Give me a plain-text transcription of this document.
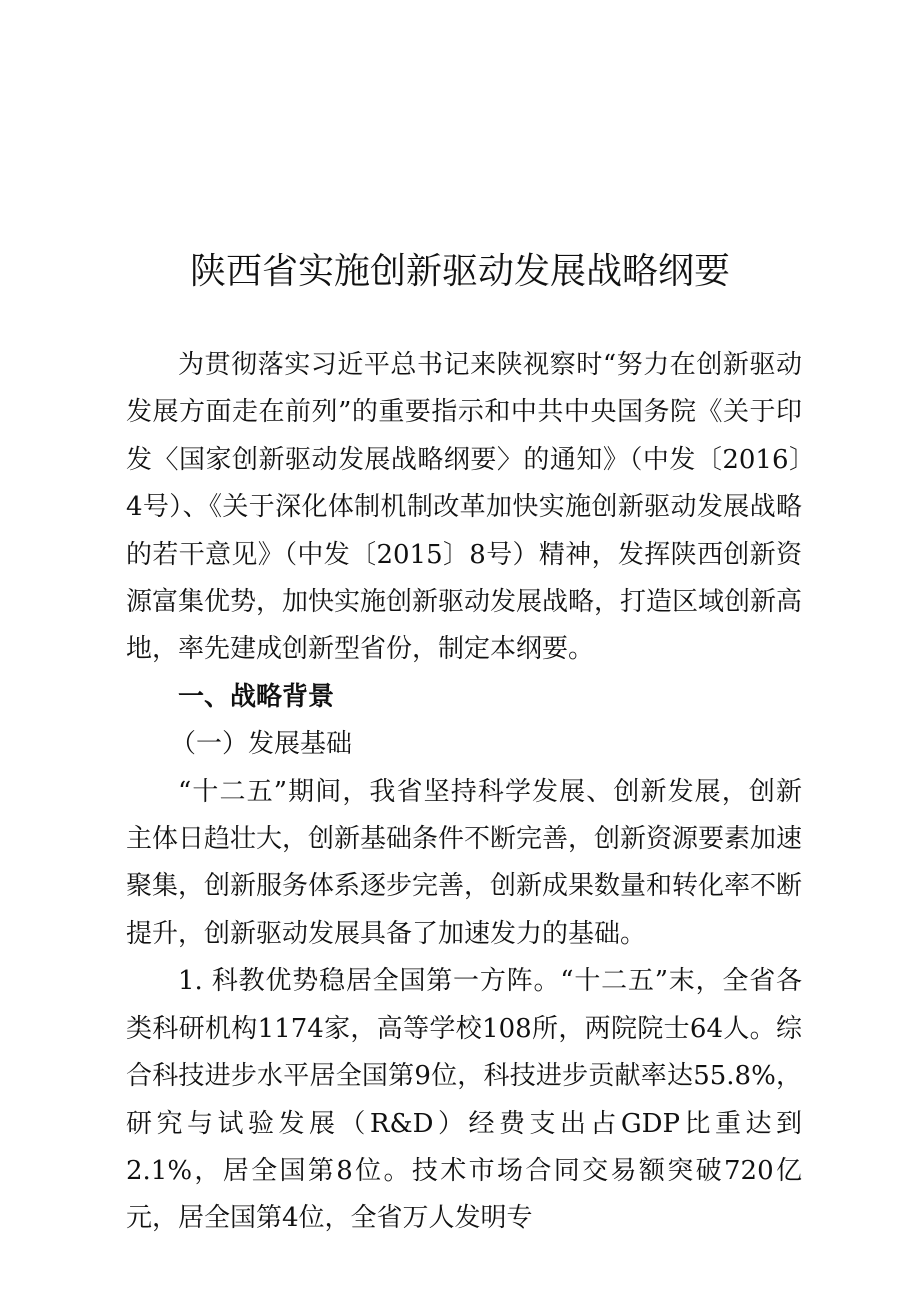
陕西省实施创新驱动发展战略纲要

为贯彻落实习近平总书记来陕视察时“努力在创新驱动发展方面走在前列”的重要指示和中共中央国务院《关于印发〈国家创新驱动发展战略纲要〉的通知》（中发〔2016〕4号）、《关于深化体制机制改革加快实施创新驱动发展战略的若干意见》（中发〔2015〕8号）精神，发挥陕西创新资源富集优势，加快实施创新驱动发展战略，打造区域创新高地，率先建成创新型省份，制定本纲要。

一、战略背景

（一）发展基础

“十二五”期间，我省坚持科学发展、创新发展，创新主体日趋壮大，创新基础条件不断完善，创新资源要素加速聚集，创新服务体系逐步完善，创新成果数量和转化率不断提升，创新驱动发展具备了加速发力的基础。

1. 科教优势稳居全国第一方阵。“十二五”末，全省各类科研机构1174家，高等学校108所，两院院士64人。综合科技进步水平居全国第9位，科技进步贡献率达55.8%，研究与试验发展（R&D）经费支出占GDP比重达到2.1%，居全国第8位。技术市场合同交易额突破720亿元，居全国第4位，全省万人发明专
